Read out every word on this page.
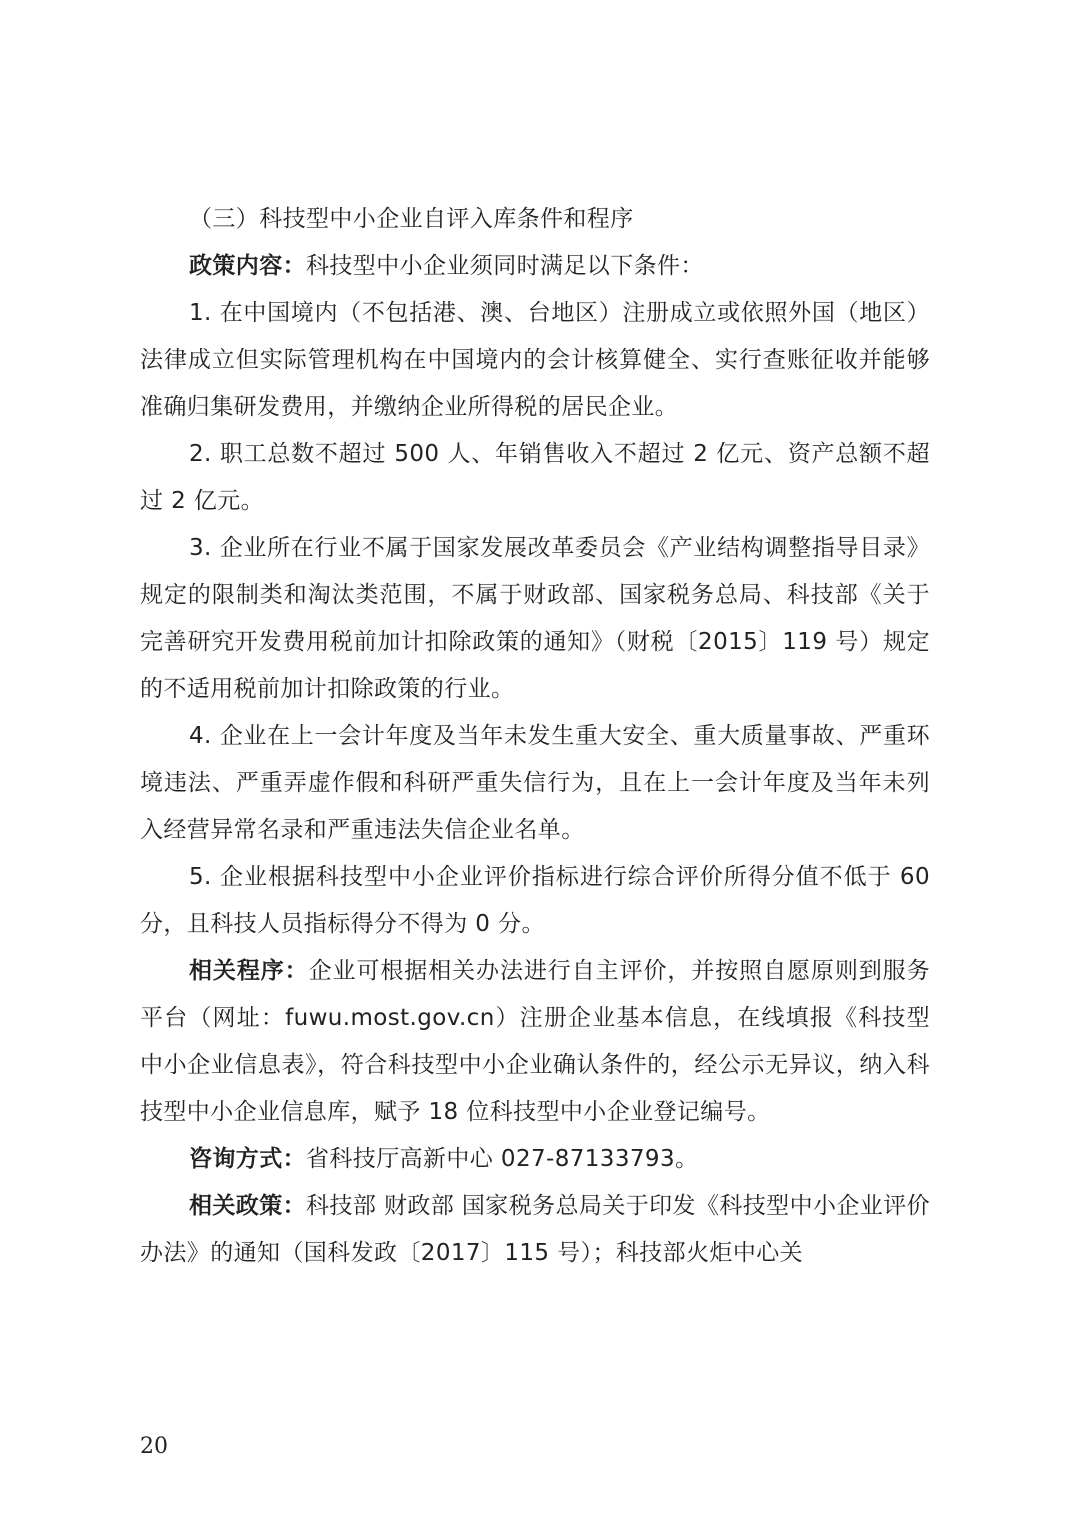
（三）科技型中小企业自评入库条件和程序

政策内容：科技型中小企业须同时满足以下条件：

1. 在中国境内（不包括港、澳、台地区）注册成立或依照外国（地区）法律成立但实际管理机构在中国境内的会计核算健全、实行查账征收并能够准确归集研发费用，并缴纳企业所得税的居民企业。

2. 职工总数不超过 500 人、年销售收入不超过 2 亿元、资产总额不超过 2 亿元。

3. 企业所在行业不属于国家发展改革委员会《产业结构调整指导目录》规定的限制类和淘汰类范围，不属于财政部、国家税务总局、科技部《关于完善研究开发费用税前加计扣除政策的通知》（财税〔2015〕119 号）规定的不适用税前加计扣除政策的行业。

4. 企业在上一会计年度及当年未发生重大安全、重大质量事故、严重环境违法、严重弄虚作假和科研严重失信行为，且在上一会计年度及当年未列入经营异常名录和严重违法失信企业名单。

5. 企业根据科技型中小企业评价指标进行综合评价所得分值不低于 60 分，且科技人员指标得分不得为 0 分。

相关程序：企业可根据相关办法进行自主评价，并按照自愿原则到服务平台（网址：fuwu.most.gov.cn）注册企业基本信息，在线填报《科技型中小企业信息表》，符合科技型中小企业确认条件的，经公示无异议，纳入科技型中小企业信息库，赋予 18 位科技型中小企业登记编号。

咨询方式：省科技厅高新中心 027-87133793。

相关政策：科技部 财政部 国家税务总局关于印发《科技型中小企业评价办法》的通知（国科发政〔2017〕115 号）；科技部火炬中心关

20
